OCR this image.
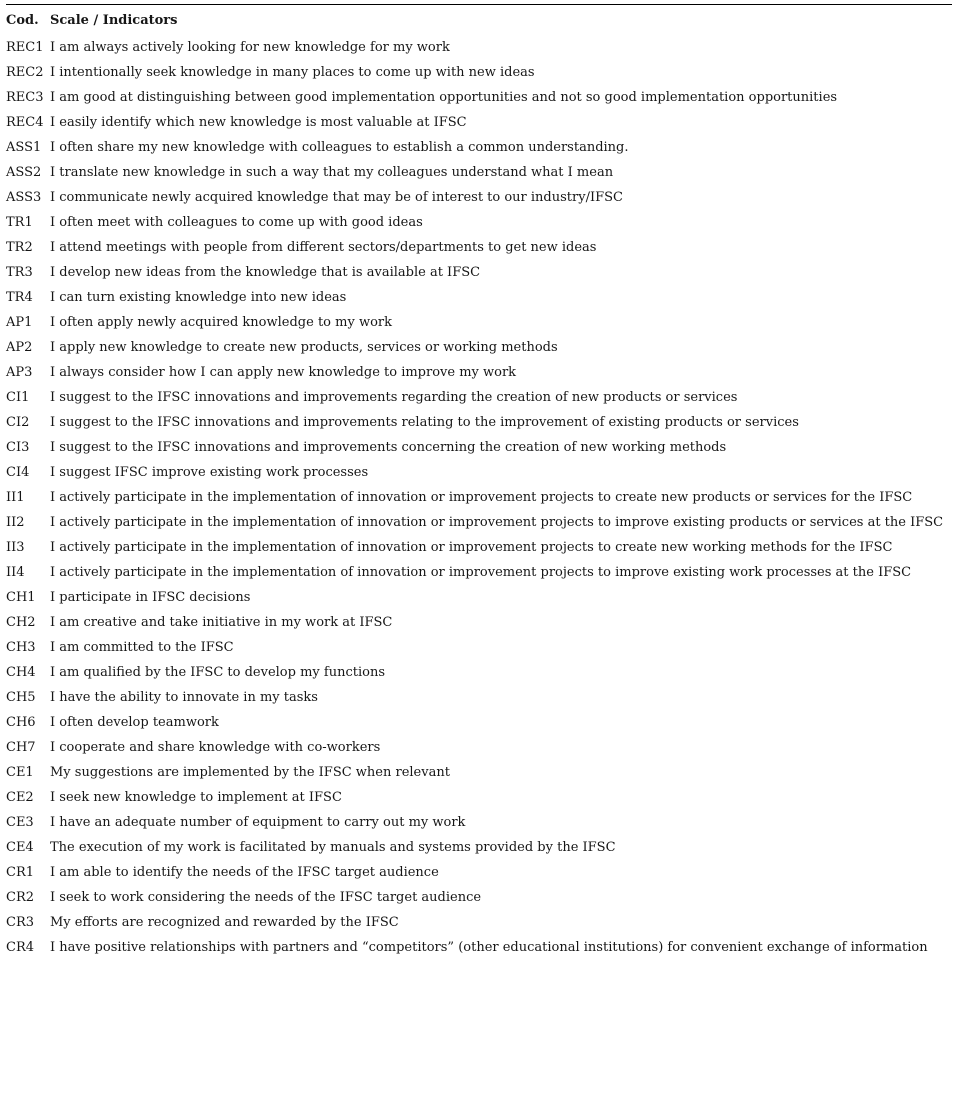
Cod.	Scale / Indicators
REC1	I am always actively looking for new knowledge for my work
REC2	I intentionally seek knowledge in many places to come up with new ideas
REC3	I am good at distinguishing between good implementation opportunities and not so good implementation opportunities
REC4	I easily identify which new knowledge is most valuable at IFSC
ASS1	I often share my new knowledge with colleagues to establish a common understanding.
ASS2	I translate new knowledge in such a way that my colleagues understand what I mean
ASS3	I communicate newly acquired knowledge that may be of interest to our industry/IFSC
TR1	I often meet with colleagues to come up with good ideas
TR2	I attend meetings with people from different sectors/departments to get new ideas
TR3	I develop new ideas from the knowledge that is available at IFSC
TR4	I can turn existing knowledge into new ideas
AP1	I often apply newly acquired knowledge to my work
AP2	I apply new knowledge to create new products, services or working methods
AP3	I always consider how I can apply new knowledge to improve my work
CI1	I suggest to the IFSC innovations and improvements regarding the creation of new products or services
CI2	I suggest to the IFSC innovations and improvements relating to the improvement of existing products or services
CI3	I suggest to the IFSC innovations and improvements concerning the creation of new working methods
CI4	I suggest IFSC improve existing work processes
II1	I actively participate in the implementation of innovation or improvement projects to create new products or services for the IFSC
II2	I actively participate in the implementation of innovation or improvement projects to improve existing products or services at the IFSC
II3	I actively participate in the implementation of innovation or improvement projects to create new working methods for the IFSC
II4	I actively participate in the implementation of innovation or improvement projects to improve existing work processes at the IFSC
CH1	I participate in IFSC decisions
CH2	I am creative and take initiative in my work at IFSC
CH3	I am committed to the IFSC
CH4	I am qualified by the IFSC to develop my functions
CH5	I have the ability to innovate in my tasks
CH6	I often develop teamwork
CH7	I cooperate and share knowledge with co-workers
CE1	My suggestions are implemented by the IFSC when relevant
CE2	I seek new knowledge to implement at IFSC
CE3	I have an adequate number of equipment to carry out my work
CE4	The execution of my work is facilitated by manuals and systems provided by the IFSC
CR1	I am able to identify the needs of the IFSC target audience
CR2	I seek to work considering the needs of the IFSC target audience
CR3	My efforts are recognized and rewarded by the IFSC
CR4	I have positive relationships with partners and “competitors” (other educational institutions) for convenient exchange of information
